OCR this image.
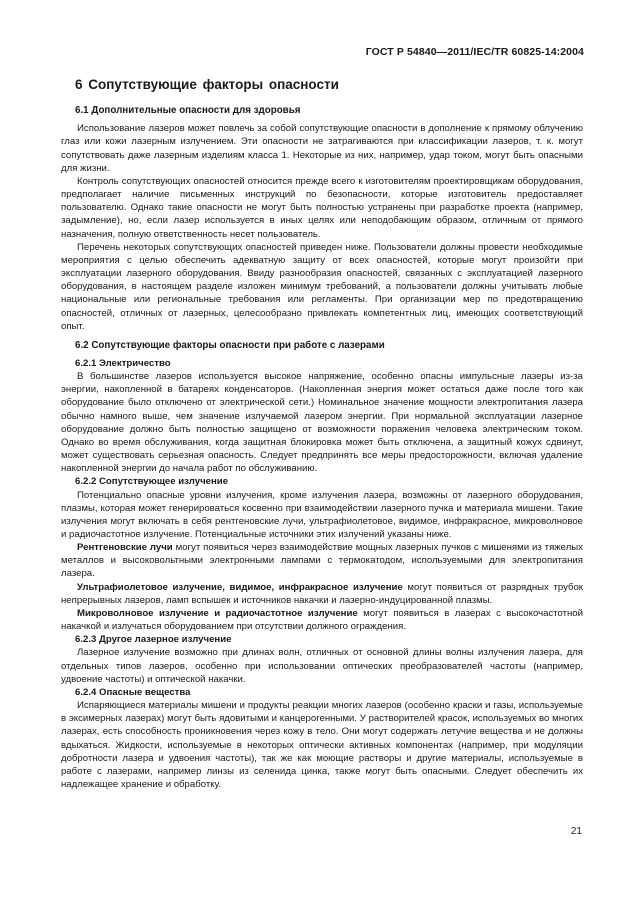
ГОСТ Р 54840—2011/IEC/TR 60825-14:2004
6 Сопутствующие факторы опасности
6.1 Дополнительные опасности для здоровья

Использование лазеров может повлечь за собой сопутствующие опасности в дополнение к прямому облучению глаз или кожи лазерным излучением. Эти опасности не затрагиваются при классификации лазеров, т. к. могут сопутствовать даже лазерным изделиям класса 1. Некоторые из них, например, удар током, могут быть опасными для жизни.

Контроль сопутствующих опасностей относится прежде всего к изготовителям проектировщикам оборудования, предполагает наличие письменных инструкций по безопасности, которые изготовитель предоставляет пользователю. Однако такие опасности не могут быть полностью устранены при разработке проекта (например, задымление), но, если лазер используется в иных целях или неподобающим образом, отличным от прямого назначения, полную ответственность несет пользователь.

Перечень некоторых сопутствующих опасностей приведен ниже. Пользователи должны провести необходимые мероприятия с целью обеспечить адекватную защиту от всех опасностей, которые могут произойти при эксплуатации лазерного оборудования. Ввиду разнообразия опасностей, связанных с эксплуатацией лазерного оборудования, в настоящем разделе изложен минимум требований, а пользователи должны учитывать любые национальные или региональные требования или регламенты. При организации мер по предотвращению опасностей, отличных от лазерных, целесообразно привлекать компетентных лиц, имеющих соответствующий опыт.

6.2 Сопутствующие факторы опасности при работе с лазерами
6.2.1 Электричество

В большинстве лазеров используется высокое напряжение, особенно опасны импульсные лазеры из-за энергии, накопленной в батареях конденсаторов. (Накопленная энергия может остаться даже после того как оборудование было отключено от электрической сети.) Номинальное значение мощности электропитания лазера обычно намного выше, чем значение излучаемой лазером энергии. При нормальной эксплуатации лазерное оборудование должно быть полностью защищено от возможности поражения человека электрическим током. Однако во время обслуживания, когда защитная блокировка может быть отключена, а защитный кожух сдвинут, может существовать серьезная опасность. Следует предпринять все меры предосторожности, включая удаление накопленной энергии до начала работ по обслуживанию.

6.2.2 Сопутствующее излучение

Потенциально опасные уровни излучения, кроме излучения лазера, возможны от лазерного оборудования, плазмы, которая может генерироваться косвенно при взаимодействии лазерного пучка и материала мишени. Такие излучения могут включать в себя рентгеновские лучи, ультрафиолетовое, видимое, инфракрасное, микроволновое и радиочастотное излучение. Потенциальные источники этих излучений указаны ниже.

Рентгеновские лучи могут появиться через взаимодействие мощных лазерных пучков с мишенями из тяжелых металлов и высоковольтными электронными лампами с термокатодом, используемыми для электропитания лазера.

Ультрафиолетовое излучение, видимое, инфракрасное излучение могут появиться от разрядных трубок непрерывных лазеров, ламп вспышек и источников накачки и лазерно-индуцированной плазмы.

Микроволновое излучение и радиочастотное излучение могут появиться в лазерах с высокочастотной накачкой и излучаться оборудованием при отсутствии должного ограждения.

6.2.3 Другое лазерное излучение

Лазерное излучение возможно при длинах волн, отличных от основной длины волны излучения лазера, для отдельных типов лазеров, особенно при использовании оптических преобразователей частоты (например, удвоение частоты) и оптической накачки.

6.2.4 Опасные вещества

Испаряющиеся материалы мишени и продукты реакции многих лазеров (особенно краски и газы, используемые в эксимерных лазерах) могут быть ядовитыми и канцерогенными. У растворителей красок, используемых во многих лазерах, есть способность проникновения через кожу в тело. Они могут содержать летучие вещества и не должны вдыхаться. Жидкости, используемые в некоторых оптически активных компонентах (например, при модуляции добротности лазера и удвоения частоты), так же как моющие растворы и другие материалы, используемые в работе с лазерами, например линзы из селенида цинка, также могут быть опасными. Следует обеспечить их надлежащее хранение и обработку.

21
